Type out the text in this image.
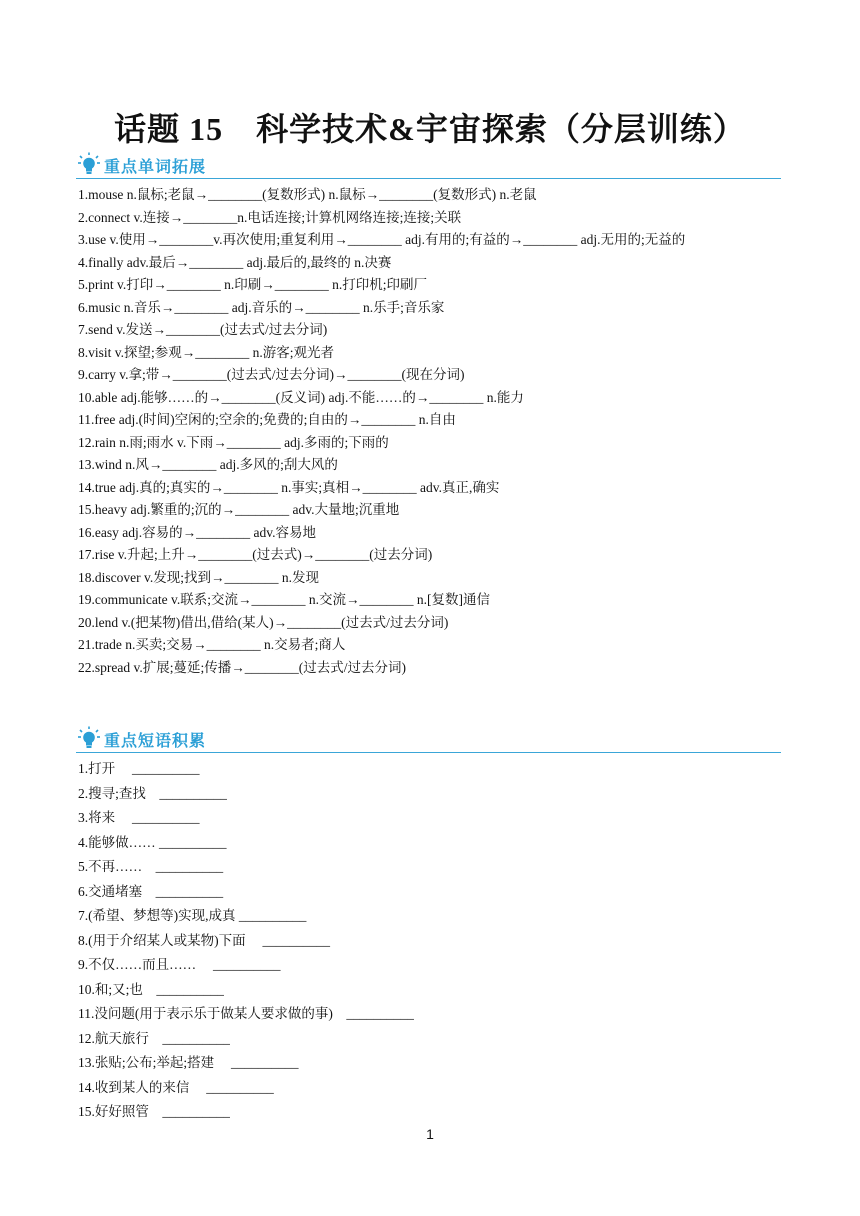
话题 15　科学技术&宇宙探索（分层训练）
重点单词拓展
1.mouse n.鼠标;老鼠→________(复数形式) n.鼠标→________(复数形式) n.老鼠
2.connect v.连接→________n.电话连接;计算机网络连接;连接;关联
3.use v.使用→________v.再次使用;重复利用→________ adj.有用的;有益的→________ adj.无用的;无益的
4.finally adv.最后→________ adj.最后的,最终的 n.决赛
5.print v.打印→________ n.印刷→________ n.打印机;印刷厂
6.music n.音乐→________ adj.音乐的→________ n.乐手;音乐家
7.send v.发送→________(过去式/过去分词)
8.visit v.探望;参观→________ n.游客;观光者
9.carry v.拿;带→________(过去式/过去分词)→________(现在分词)
10.able adj.能够……的→________(反义词) adj.不能……的→________ n.能力
11.free adj.(时间)空闲的;空余的;免费的;自由的→________ n.自由
12.rain n.雨;雨水 v.下雨→________ adj.多雨的;下雨的
13.wind n.风→________ adj.多风的;刮大风的
14.true adj.真的;真实的→________ n.事实;真相→________ adv.真正,确实
15.heavy adj.繁重的;沉的→________ adv.大量地;沉重地
16.easy adj.容易的→________ adv.容易地
17.rise v.升起;上升→________(过去式)→________(过去分词)
18.discover v.发现;找到→________ n.发现
19.communicate v.联系;交流→________ n.交流→________ n.[复数]通信
20.lend v.(把某物)借出,借给(某人)→________(过去式/过去分词)
21.trade n.买卖;交易→________ n.交易者;商人
22.spread v.扩展;蔓延;传播→________(过去式/过去分词)
重点短语积累
1.打开　 __________
2.搜寻;查找　__________
3.将来　 __________
4.能够做…… __________
5.不再……　__________
6.交通堵塞　__________
7.(希望、梦想等)实现,成真 __________
8.(用于介绍某人或某物)下面　 __________
9.不仅……而且……　 __________
10.和;又;也　__________
11.没问题(用于表示乐于做某人要求做的事)　__________
12.航天旅行　__________
13.张贴;公布;举起;搭建　 __________
14.收到某人的来信　 __________
15.好好照管　__________
1
